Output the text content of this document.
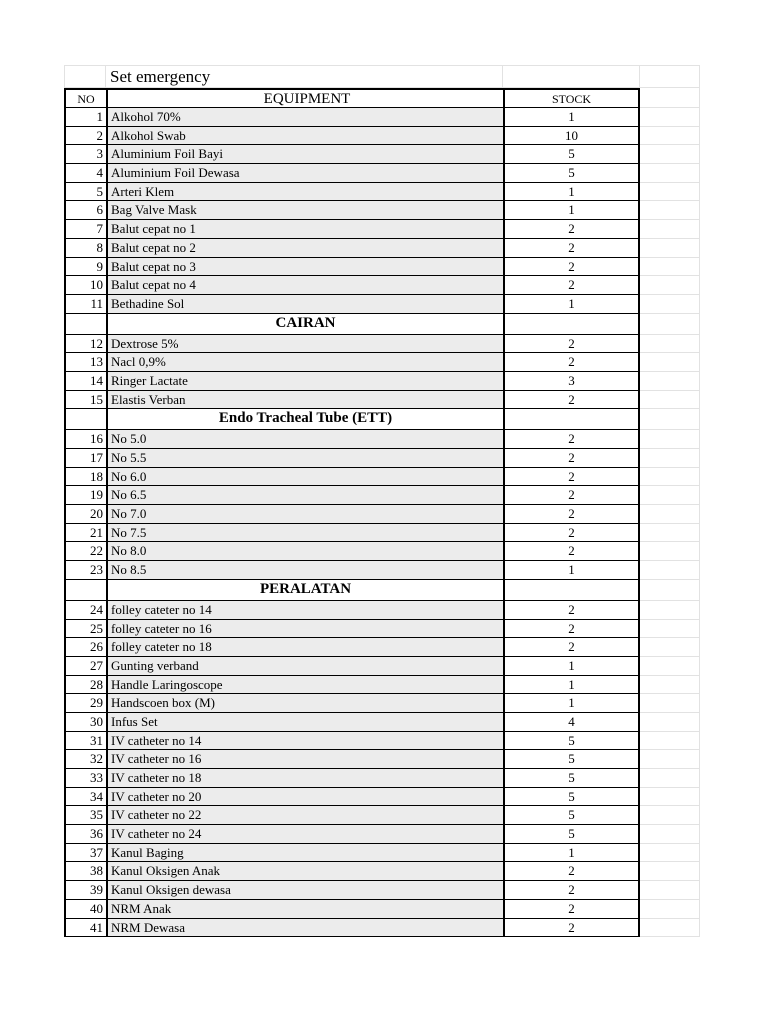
Set emergency
NO	EQUIPMENT	STOCK
1 Alkohol 70%	1
2 Alkohol Swab	10
3 Aluminium Foil Bayi	5
4 Aluminium Foil Dewasa	5
5 Arteri Klem	1
6 Bag Valve Mask	1
7 Balut cepat no 1	2
8 Balut cepat no 2	2
9 Balut cepat no 3	2
10 Balut cepat no 4	2
11 Bethadine Sol	1
CAIRAN
12 Dextrose 5%	2
13 Nacl 0,9%	2
14 Ringer Lactate	3
15 Elastis Verban	2
Endo Tracheal Tube (ETT)
16 No 5.0	2
17 No 5.5	2
18 No 6.0	2
19 No 6.5	2
20 No 7.0	2
21 No 7.5	2
22 No 8.0	2
23 No 8.5	1
PERALATAN
24 folley cateter no 14	2
25 folley cateter no 16	2
26 folley cateter no 18	2
27 Gunting verband	1
28 Handle Laringoscope	1
29 Handscoen box (M)	1
30 Infus Set	4
31 IV catheter no 14	5
32 IV catheter no 16	5
33 IV catheter no 18	5
34 IV catheter no 20	5
35 IV catheter no 22	5
36 IV catheter no 24	5
37 Kanul Baging	1
38 Kanul Oksigen Anak	2
39 Kanul Oksigen dewasa	2
40 NRM Anak	2
41 NRM Dewasa	2
